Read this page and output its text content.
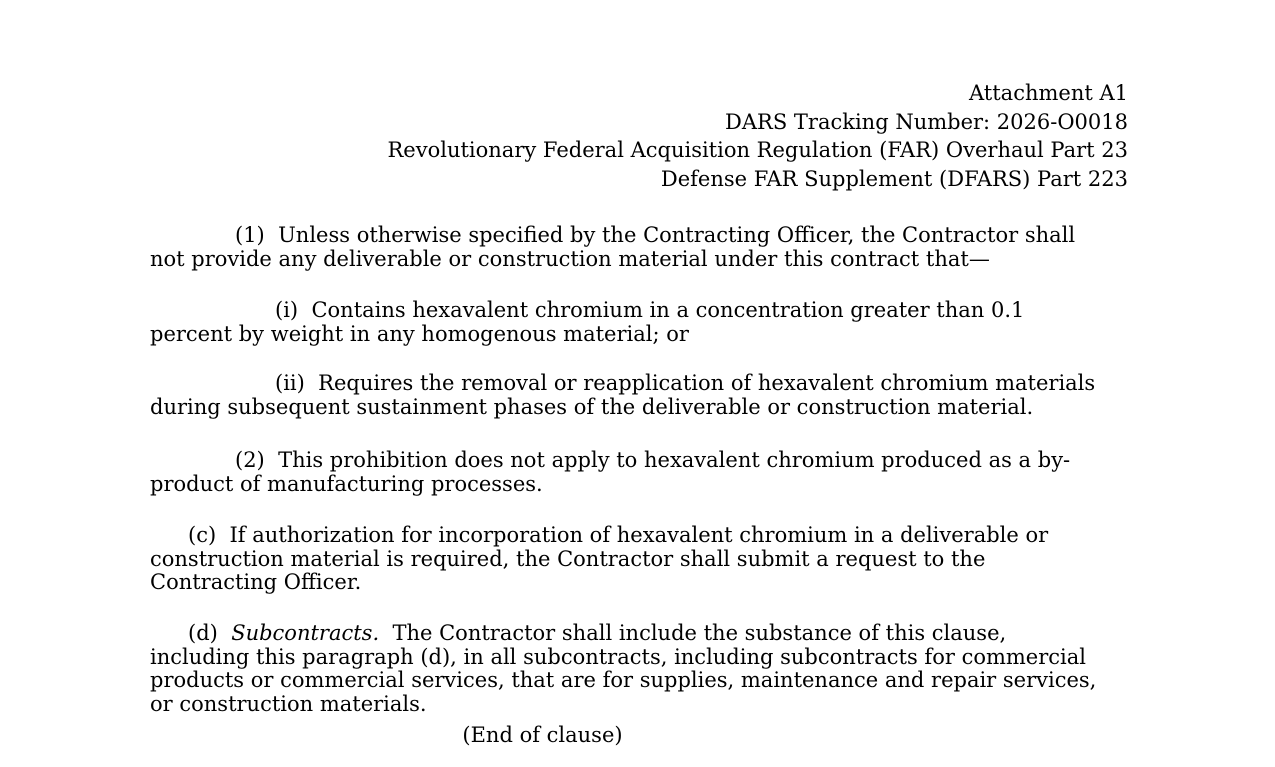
Attachment A1
DARS Tracking Number: 2026-O0018
Revolutionary Federal Acquisition Regulation (FAR) Overhaul Part 23
Defense FAR Supplement (DFARS) Part 223
(1)  Unless otherwise specified by the Contracting Officer, the Contractor shall
not provide any deliverable or construction material under this contract that—
(i)  Contains hexavalent chromium in a concentration greater than 0.1
percent by weight in any homogenous material; or
(ii)  Requires the removal or reapplication of hexavalent chromium materials
during subsequent sustainment phases of the deliverable or construction material.
(2)  This prohibition does not apply to hexavalent chromium produced as a by-
product of manufacturing processes.
(c)  If authorization for incorporation of hexavalent chromium in a deliverable or
construction material is required, the Contractor shall submit a request to the
Contracting Officer.
(d)  Subcontracts.  The Contractor shall include the substance of this clause,
including this paragraph (d), in all subcontracts, including subcontracts for commercial
products or commercial services, that are for supplies, maintenance and repair services,
or construction materials.
(End of clause)
